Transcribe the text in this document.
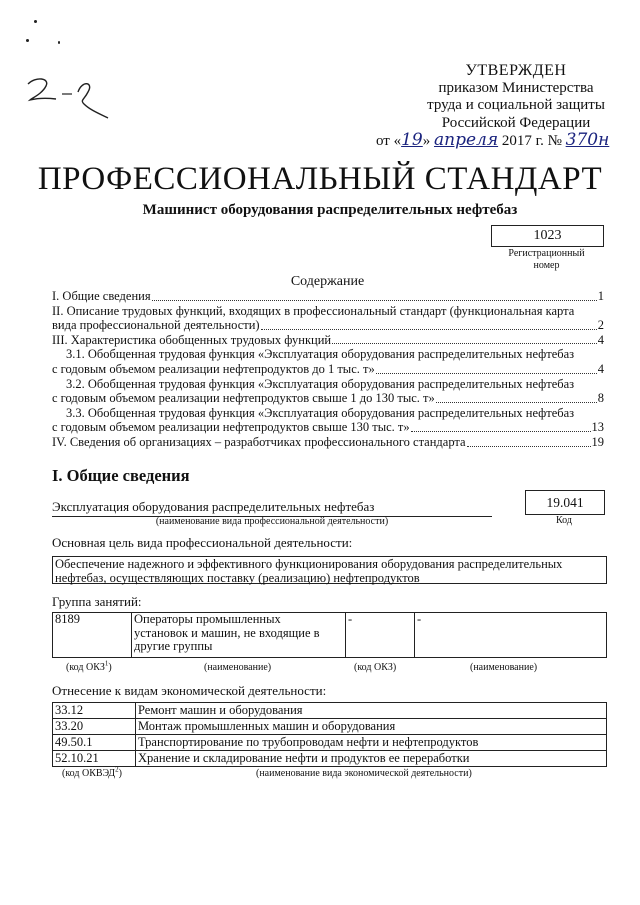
УТВЕРЖДЕН
приказом Министерства
труда и социальной защиты
Российской Федерации
от «19» апреля 2017 г. № 370н
ПРОФЕССИОНАЛЬНЫЙ СТАНДАРТ
Машинист оборудования распределительных нефтебаз
1023
Регистрационный
номер
Содержание
I. Общие сведения	1
II. Описание трудовых функций, входящих в профессиональный стандарт (функциональная карта
вида профессиональной деятельности)	2
III. Характеристика обобщенных трудовых функций	4
3.1. Обобщенная трудовая функция «Эксплуатация оборудования распределительных нефтебаз
с годовым объемом реализации нефтепродуктов до 1 тыс. т»	4
3.2. Обобщенная трудовая функция «Эксплуатация оборудования распределительных нефтебаз
с годовым объемом реализации нефтепродуктов свыше 1 до 130 тыс. т»	8
3.3. Обобщенная трудовая функция «Эксплуатация оборудования распределительных нефтебаз
с годовым объемом реализации нефтепродуктов свыше 130 тыс. т»	13
IV. Сведения об организациях – разработчиках профессионального стандарта	19
I. Общие сведения
Эксплуатация оборудования распределительных нефтебаз
(наименование вида профессиональной деятельности)
19.041
Код
Основная цель вида профессиональной деятельности:
Обеспечение надежного и эффективного функционирования оборудования распределительных
нефтебаз, осуществляющих поставку (реализацию) нефтепродуктов
Группа занятий:
8189	Операторы промышленных
установок и машин, не входящие в
другие группы
	-	-
(код ОКЗ$^1$)	(наименование)	(код ОКЗ)	(наименование)
Отнесение к видам экономической деятельности:
33.12	Ремонт машин и оборудования
33.20	Монтаж промышленных машин и оборудования
49.50.1	Транспортирование по трубопроводам нефти и нефтепродуктов
52.10.21	Хранение и складирование нефти и продуктов ее переработки
(код ОКВЭД$^2$)	(наименование вида экономической деятельности)
